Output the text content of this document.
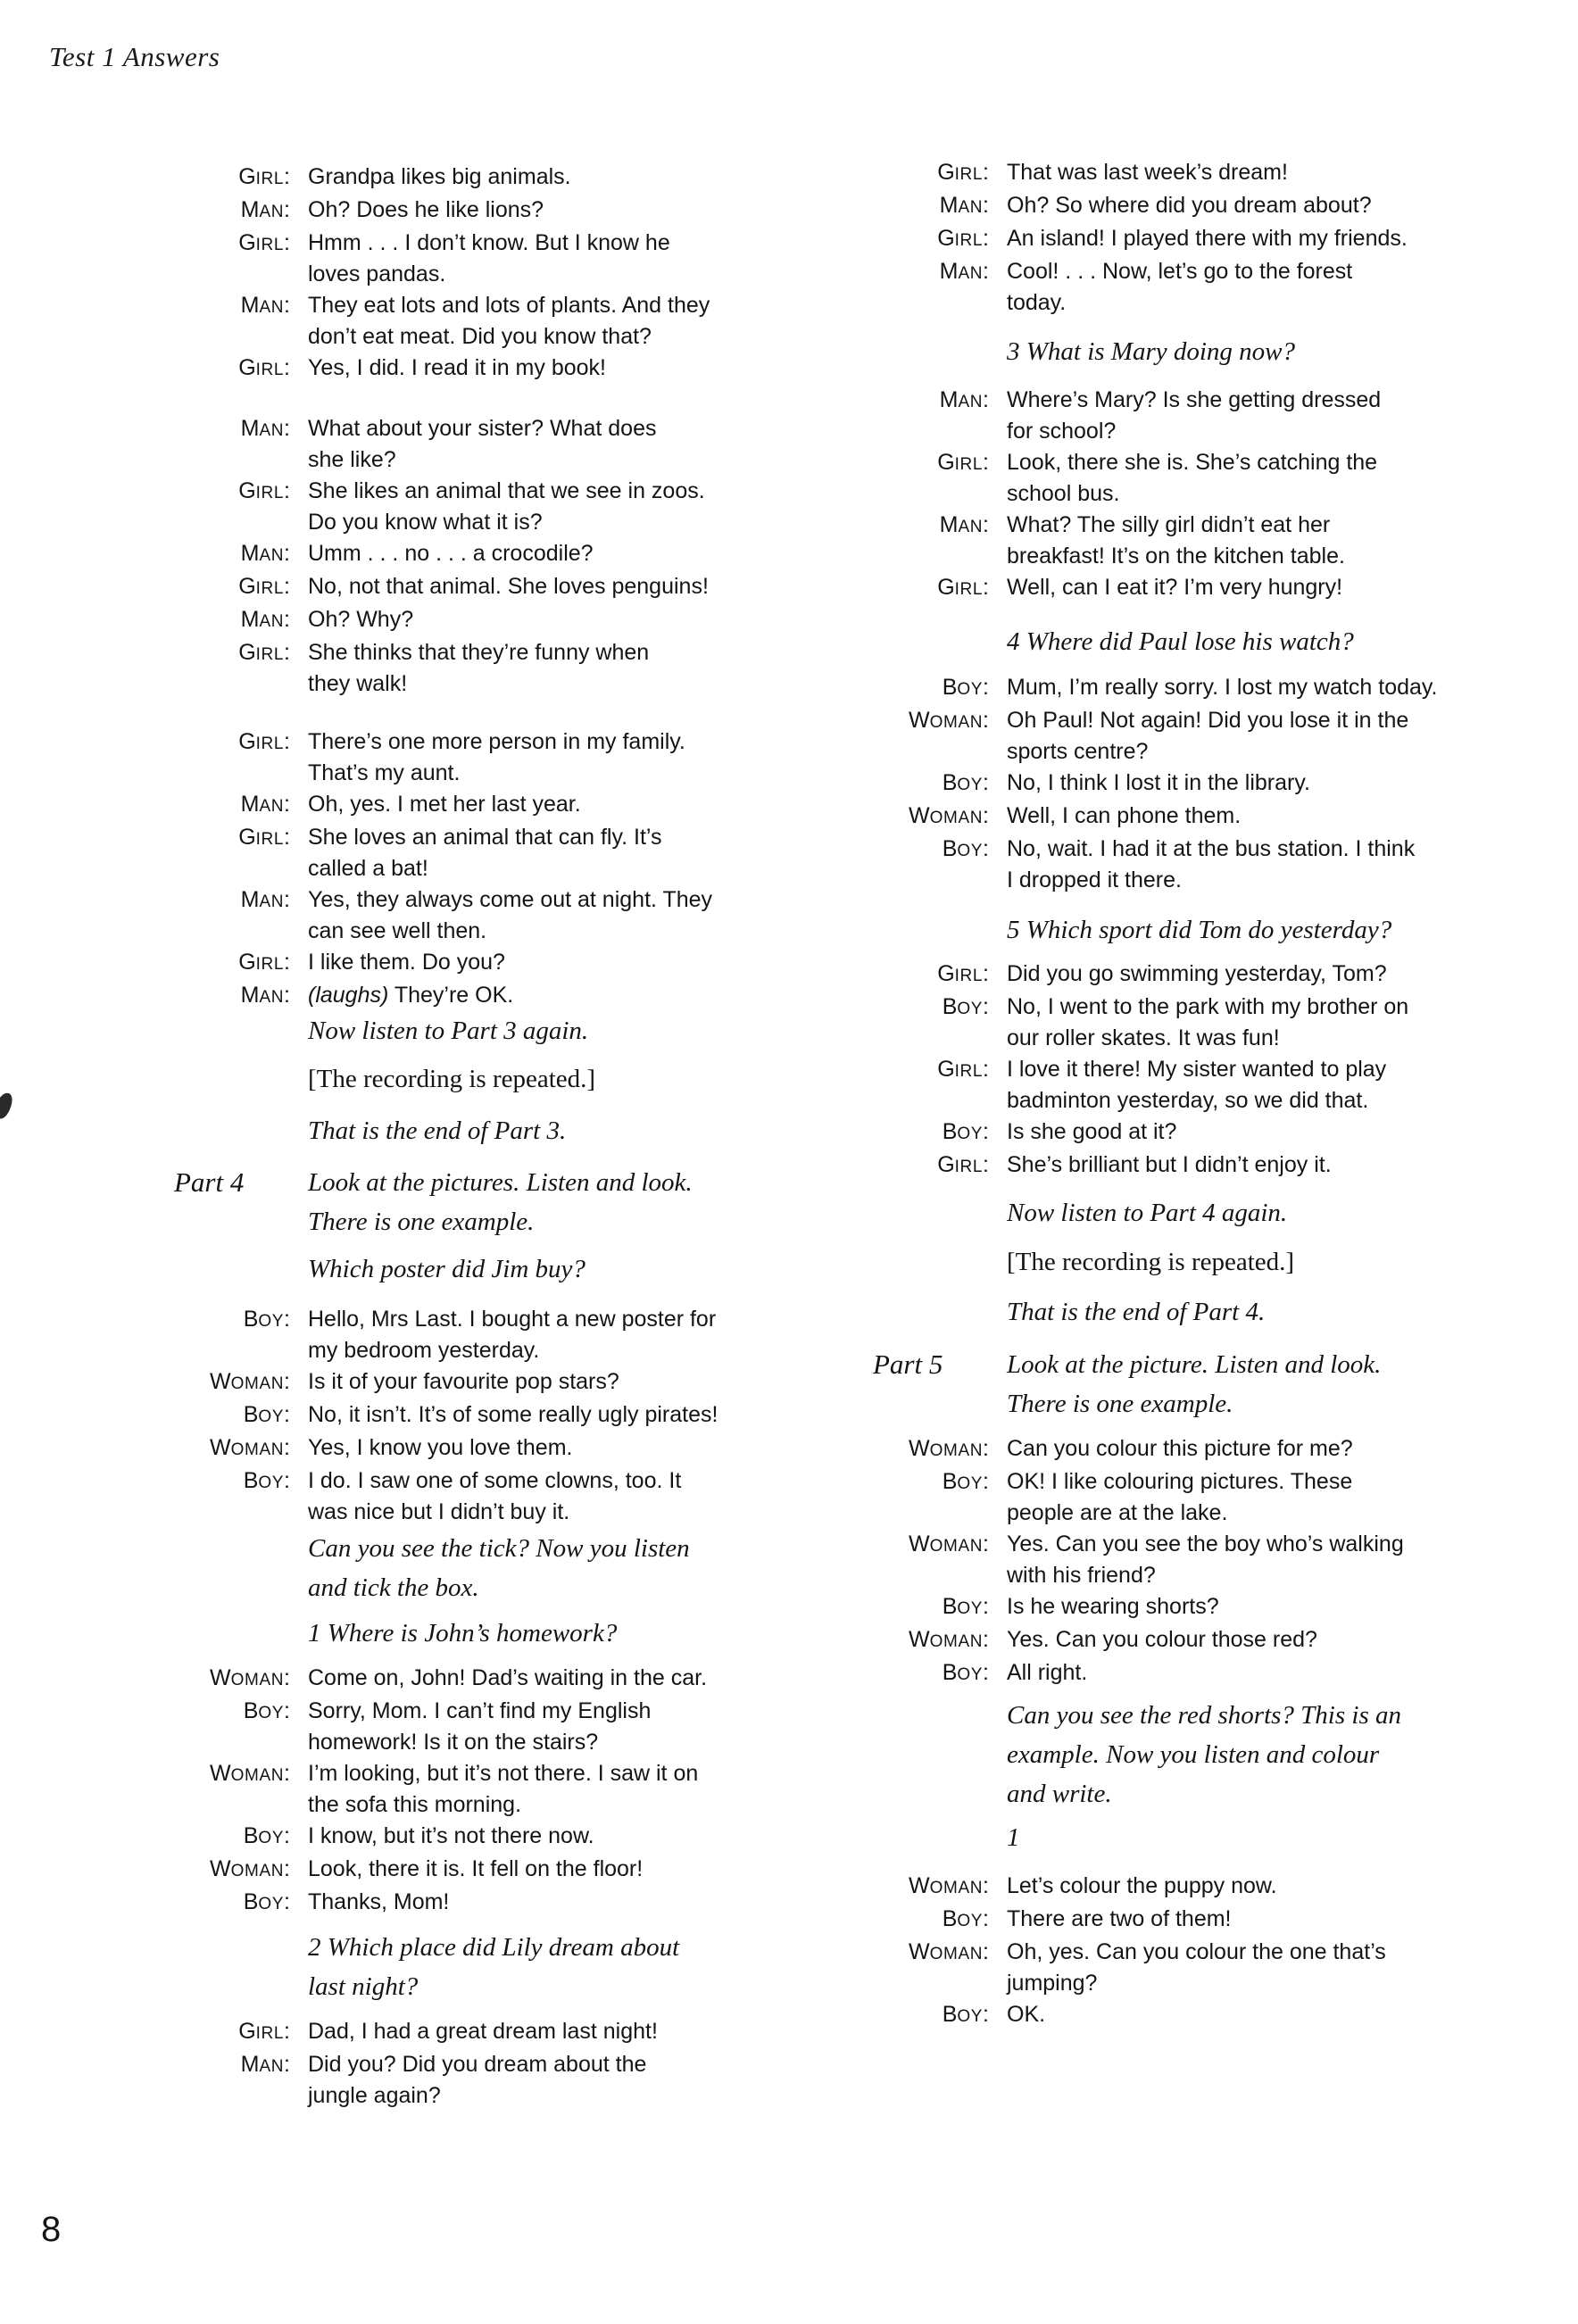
Test 1 Answers
GIRL: Grandpa likes big animals.
MAN: Oh? Does he like lions?
GIRL: Hmm . . . I don’t know. But I know he
loves pandas.
MAN: They eat lots and lots of plants. And they
don’t eat meat. Did you know that?
GIRL: Yes, I did. I read it in my book!
MAN: What about your sister? What does
she like?
GIRL: She likes an animal that we see in zoos.
Do you know what it is?
MAN: Umm . . . no . . . a crocodile?
GIRL: No, not that animal. She loves penguins!
MAN: Oh? Why?
GIRL: She thinks that they’re funny when
they walk!
GIRL: There’s one more person in my family.
That’s my aunt.
MAN: Oh, yes. I met her last year.
GIRL: She loves an animal that can fly. It’s
called a bat!
MAN: Yes, they always come out at night. They
can see well then.
GIRL: I like them. Do you?
MAN: (laughs) They’re OK.
Now listen to Part 3 again.
[The recording is repeated.]
That is the end of Part 3.
Part 4	Look at the pictures. Listen and look.
There is one example.
Which poster did Jim buy?
BOY: Hello, Mrs Last. I bought a new poster for
my bedroom yesterday.
WOMAN: Is it of your favourite pop stars?
BOY: No, it isn’t. It’s of some really ugly pirates!
WOMAN: Yes, I know you love them.
BOY: I do. I saw one of some clowns, too. It
was nice but I didn’t buy it.
Can you see the tick? Now you listen
and tick the box.
1 Where is John’s homework?
WOMAN: Come on, John! Dad’s waiting in the car.
BOY: Sorry, Mom. I can’t find my English
homework! Is it on the stairs?
WOMAN: I’m looking, but it’s not there. I saw it on
the sofa this morning.
BOY: I know, but it’s not there now.
WOMAN: Look, there it is. It fell on the floor!
BOY: Thanks, Mom!
2 Which place did Lily dream about
last night?
GIRL: Dad, I had a great dream last night!
MAN: Did you? Did you dream about the
jungle again?
GIRL: That was last week’s dream!
MAN: Oh? So where did you dream about?
GIRL: An island! I played there with my friends.
MAN: Cool! . . . Now, let’s go to the forest
today.
3 What is Mary doing now?
MAN: Where’s Mary? Is she getting dressed
for school?
GIRL: Look, there she is. She’s catching the
school bus.
MAN: What? The silly girl didn’t eat her
breakfast! It’s on the kitchen table.
GIRL: Well, can I eat it? I’m very hungry!
4 Where did Paul lose his watch?
BOY: Mum, I’m really sorry. I lost my watch today.
WOMAN: Oh Paul! Not again! Did you lose it in the
sports centre?
BOY: No, I think I lost it in the library.
WOMAN: Well, I can phone them.
BOY: No, wait. I had it at the bus station. I think
I dropped it there.
5 Which sport did Tom do yesterday?
GIRL: Did you go swimming yesterday, Tom?
BOY: No, I went to the park with my brother on
our roller skates. It was fun!
GIRL: I love it there! My sister wanted to play
badminton yesterday, so we did that.
BOY: Is she good at it?
GIRL: She’s brilliant but I didn’t enjoy it.
Now listen to Part 4 again.
[The recording is repeated.]
That is the end of Part 4.
Part 5	Look at the picture. Listen and look.
There is one example.
WOMAN: Can you colour this picture for me?
BOY: OK! I like colouring pictures. These
people are at the lake.
WOMAN: Yes. Can you see the boy who’s walking
with his friend?
BOY: Is he wearing shorts?
WOMAN: Yes. Can you colour those red?
BOY: All right.
Can you see the red shorts? This is an
example. Now you listen and colour
and write.
1
WOMAN: Let’s colour the puppy now.
BOY: There are two of them!
WOMAN: Oh, yes. Can you colour the one that’s
jumping?
BOY: OK.
8
